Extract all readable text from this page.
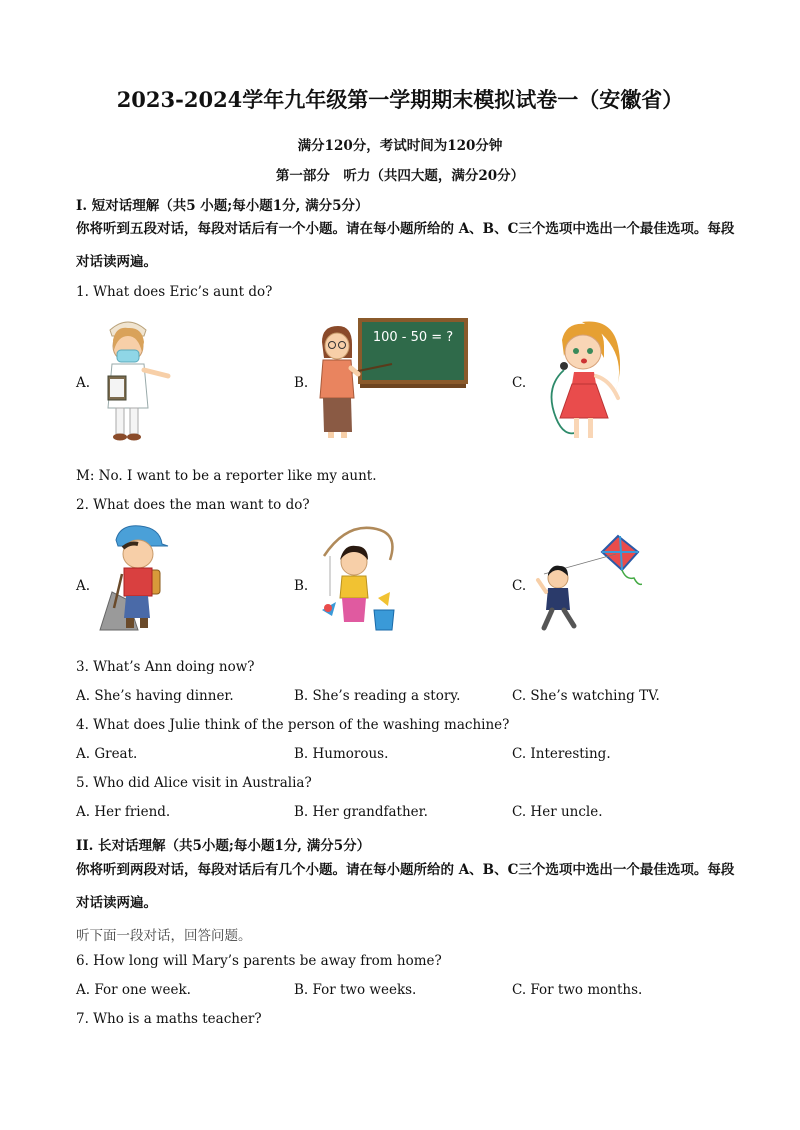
2023-2024学年九年级第一学期期末模拟试卷一（安徽省）
满分120分，考试时间为120分钟
第一部分　听力（共四大题，满分20分）
I. 短对话理解（共5 小题;每小题1分, 满分5分）
你将听到五段对话，每段对话后有一个小题。请在每小题所给的 A、B、C三个选项中选出一个最佳选项。每段对话读两遍。
1. What does Eric’s aunt do?
A.	B.	C.
100 - 50 = ?
M: No. I want to be a reporter like my aunt.
2. What does the man want to do?
A.	B.	C.
3. What’s Ann doing now?
A. She’s having dinner.	B. She’s reading a story.	C. She’s watching TV.
4. What does Julie think of the person of the washing machine?
A. Great.	B. Humorous.	C. Interesting.
5. Who did Alice visit in Australia?
A. Her friend.	B. Her grandfather.	C. Her uncle.
II. 长对话理解（共5小题;每小题1分, 满分5分）
你将听到两段对话，每段对话后有几个小题。请在每小题所给的 A、B、C三个选项中选出一个最佳选项。每段对话读两遍。
听下面一段对话，回答问题。
6. How long will Mary’s parents be away from home?
A. For one week.	B. For two weeks.	C. For two months.
7. Who is a maths teacher?
